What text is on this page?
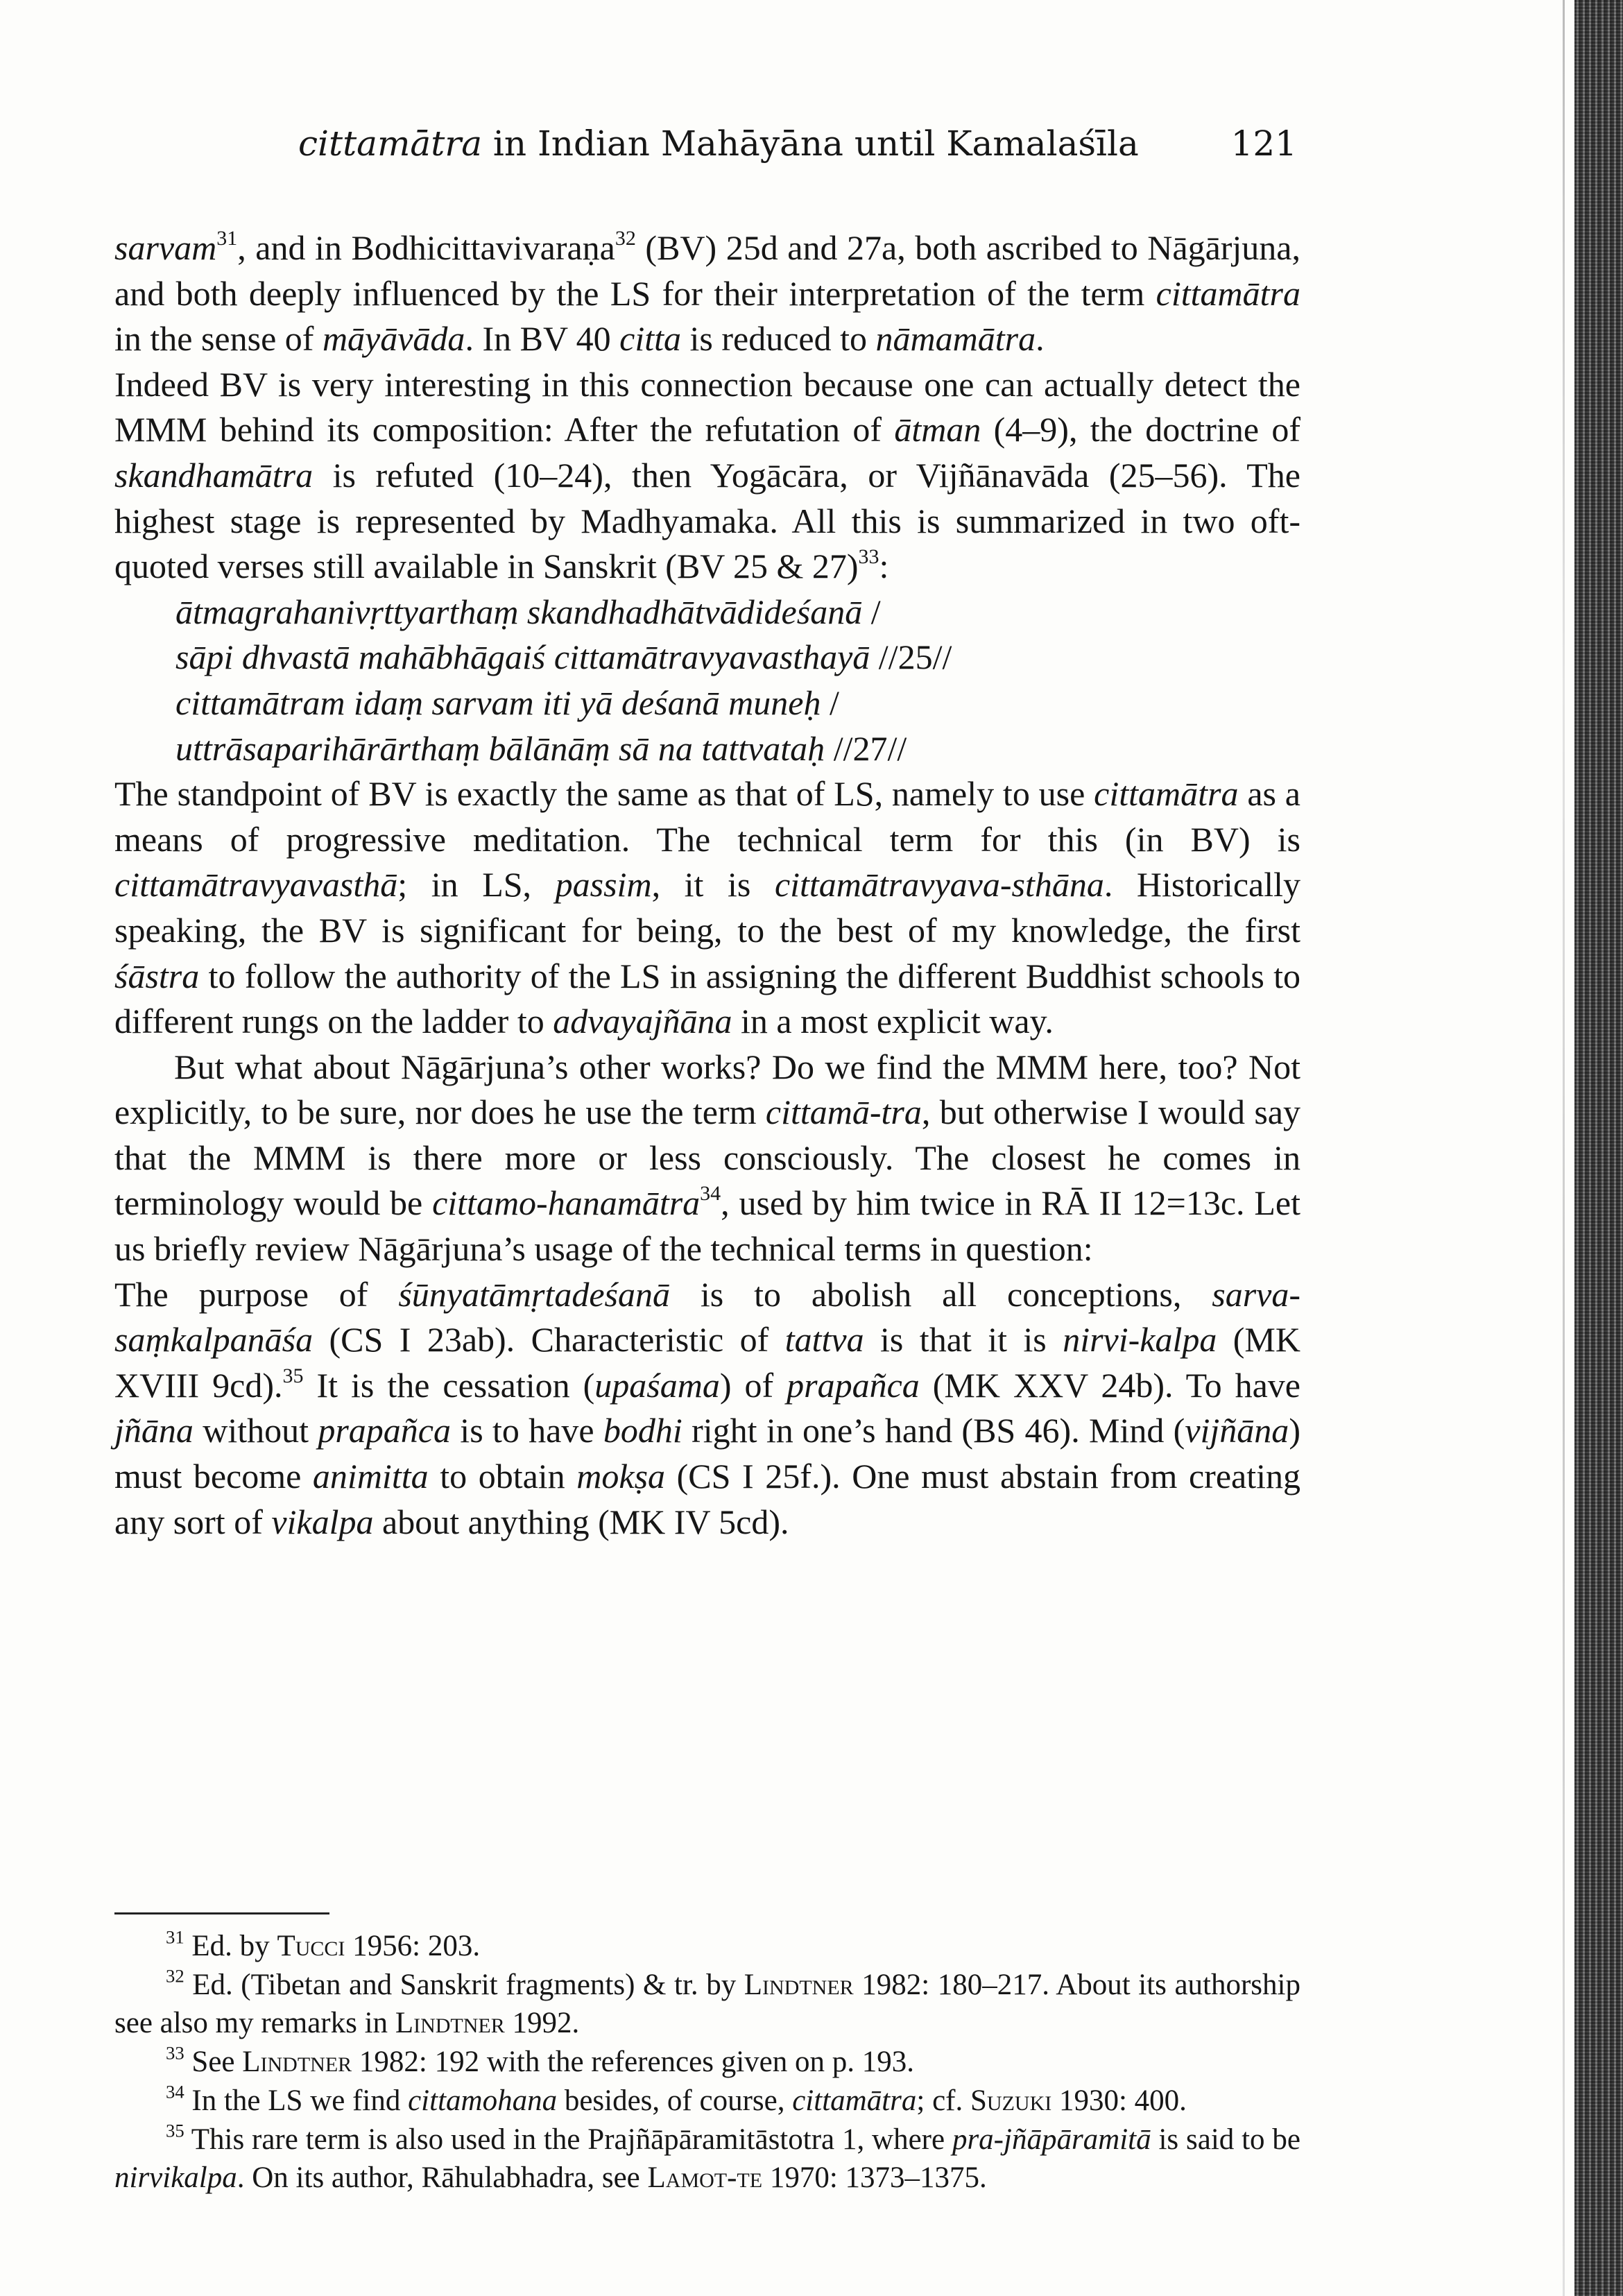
cittamātra in Indian Mahāyāna until Kamalaśīla	121
sarvam$^{31}$, and in Bodhicittavivaraṇa$^{32}$ (BV) 25d and 27a, both ascribed to Nāgārjuna, and both deeply influenced by the LS for their interpretation of the term cittamātra in the sense of māyāvāda. In BV 40 citta is reduced to nāmamātra.
Indeed BV is very interesting in this connection because one can actually detect the MMM behind its composition: After the refutation of ātman (4–9), the doctrine of skandhamātra is refuted (10–24), then Yogācāra, or Vijñānavāda (25–56). The highest stage is represented by Madhyamaka. All this is summarized in two oft-quoted verses still available in Sanskrit (BV 25 & 27)$^{33}$:
ātmagrahanivṛttyarthaṃ skandhadhātvādideśanā /
sāpi dhvastā mahābhāgaiś cittamātravyavasthayā //25//
cittamātram idaṃ sarvam iti yā deśanā muneḥ /
uttrāsaparihārārthaṃ bālānāṃ sā na tattvataḥ //27//
The standpoint of BV is exactly the same as that of LS, namely to use cittamātra as a means of progressive meditation. The technical term for this (in BV) is cittamātravyavasthā; in LS, passim, it is cittamātravyava-sthāna. Historically speaking, the BV is significant for being, to the best of my knowledge, the first śāstra to follow the authority of the LS in assigning the different Buddhist schools to different rungs on the ladder to advayajñāna in a most explicit way.
But what about Nāgārjuna’s other works? Do we find the MMM here, too? Not explicitly, to be sure, nor does he use the term cittamā-tra, but otherwise I would say that the MMM is there more or less consciously. The closest he comes in terminology would be cittamo-hanamātra$^{34}$, used by him twice in RĀ II 12=13c. Let us briefly review Nāgārjuna’s usage of the technical terms in question:
The purpose of śūnyatāmṛtadeśanā is to abolish all conceptions, sarva-saṃkalpanāśa (CS I 23ab). Characteristic of tattva is that it is nirvi-kalpa (MK XVIII 9cd).$^{35}$ It is the cessation (upaśama) of prapañca (MK XXV 24b). To have jñāna without prapañca is to have bodhi right in one’s hand (BS 46). Mind (vijñāna) must become animitta to obtain mokṣa (CS I 25f.). One must abstain from creating any sort of vikalpa about anything (MK IV 5cd).
$^{31}$ Ed. by Tucci 1956: 203.
$^{32}$ Ed. (Tibetan and Sanskrit fragments) & tr. by Lindtner 1982: 180–217. About its authorship see also my remarks in Lindtner 1992.
$^{33}$ See Lindtner 1982: 192 with the references given on p. 193.
$^{34}$ In the LS we find cittamohana besides, of course, cittamātra; cf. Suzuki 1930: 400.
$^{35}$ This rare term is also used in the Prajñāpāramitāstotra 1, where pra-jñāpāramitā is said to be nirvikalpa. On its author, Rāhulabhadra, see Lamot-te 1970: 1373–1375.
